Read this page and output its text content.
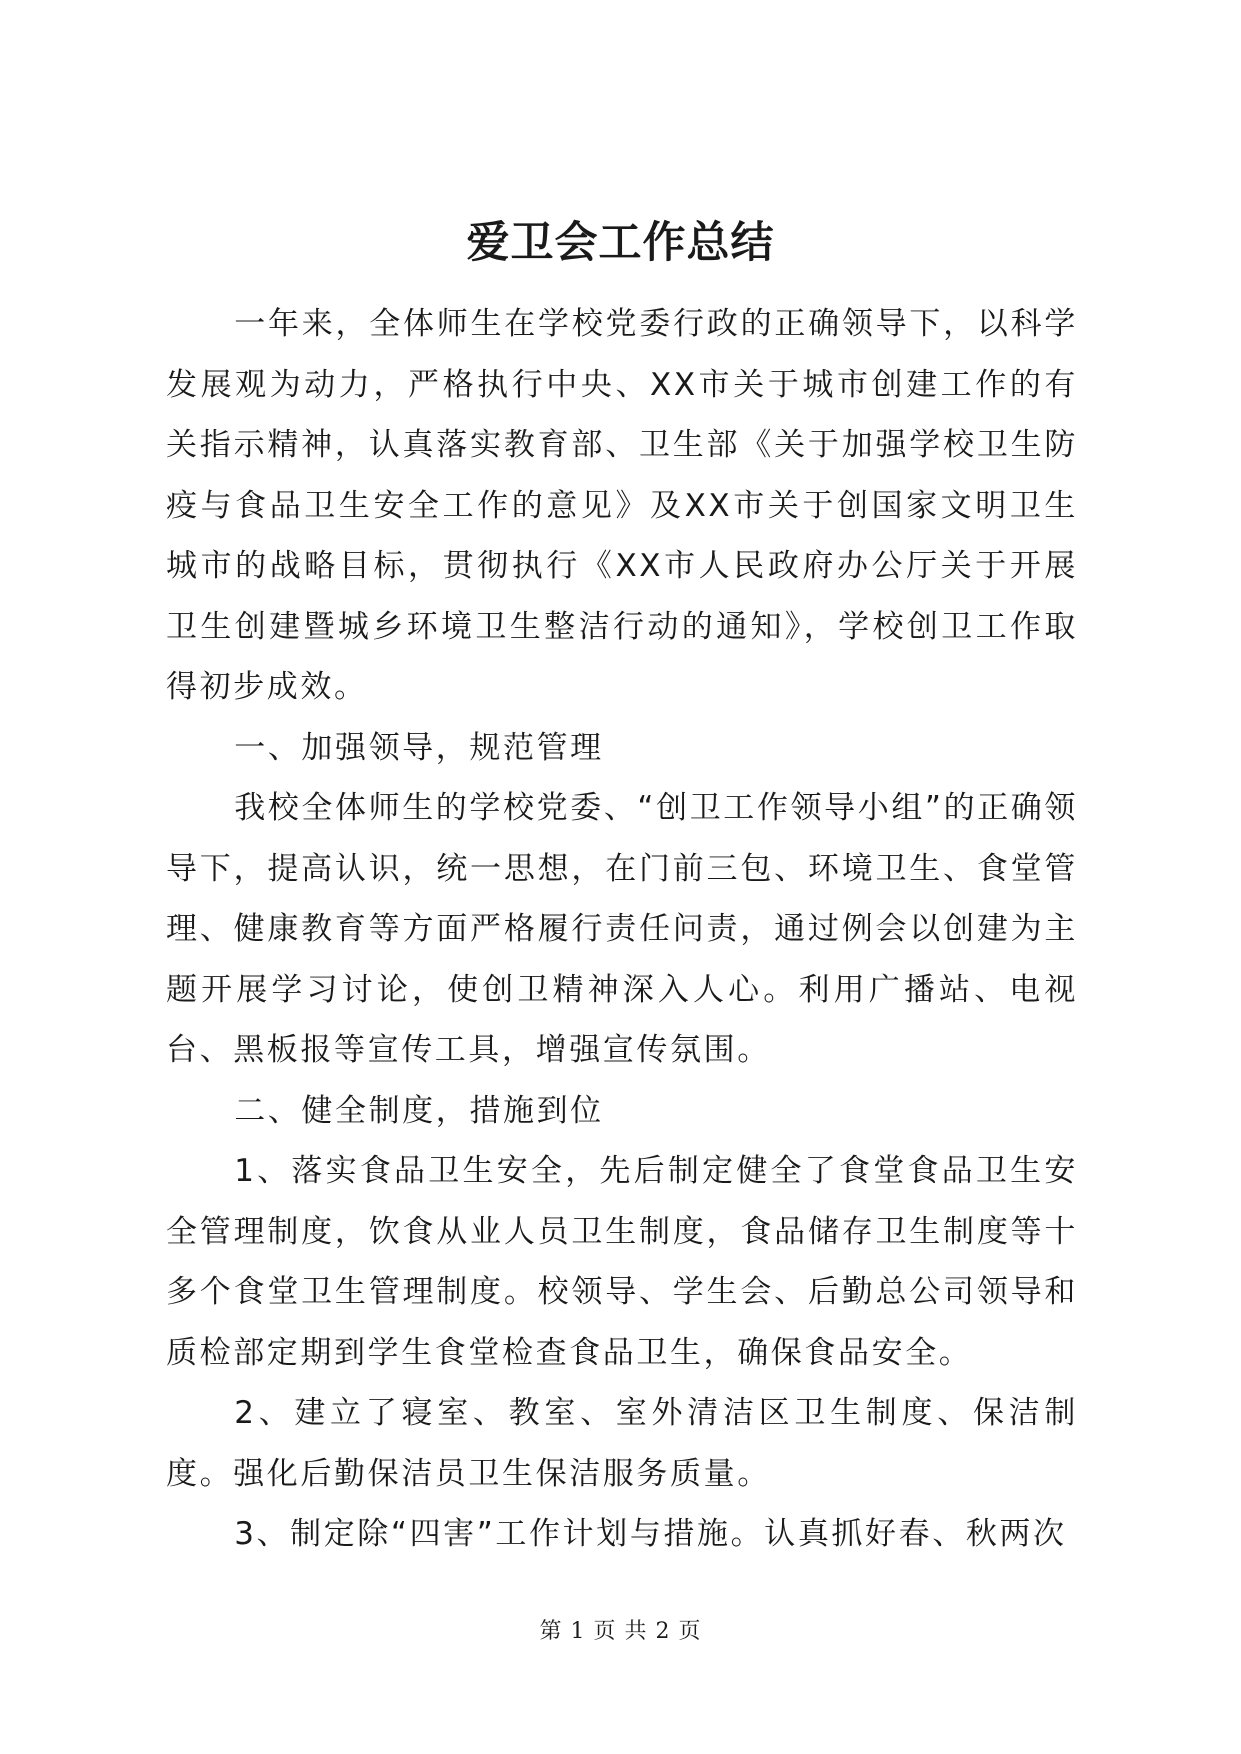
爱卫会工作总结

一年来，全体师生在学校党委行政的正确领导下，以科学发展观为动力，严格执行中央、XX市关于城市创建工作的有关指示精神，认真落实教育部、卫生部《关于加强学校卫生防疫与食品卫生安全工作的意见》及XX市关于创国家文明卫生城市的战略目标，贯彻执行《XX市人民政府办公厅关于开展卫生创建暨城乡环境卫生整洁行动的通知》，学校创卫工作取得初步成效。

一、加强领导，规范管理

我校全体师生的学校党委、“创卫工作领导小组”的正确领导下，提高认识，统一思想，在门前三包、环境卫生、食堂管理、健康教育等方面严格履行责任问责，通过例会以创建为主题开展学习讨论，使创卫精神深入人心。利用广播站、电视台、黑板报等宣传工具，增强宣传氛围。

二、健全制度，措施到位

1、落实食品卫生安全，先后制定健全了食堂食品卫生安全管理制度，饮食从业人员卫生制度，食品储存卫生制度等十多个食堂卫生管理制度。校领导、学生会、后勤总公司领导和质检部定期到学生食堂检查食品卫生，确保食品安全。

2、建立了寝室、教室、室外清洁区卫生制度、保洁制度。强化后勤保洁员卫生保洁服务质量。

3、制定除“四害”工作计划与措施。认真抓好春、秋两次

第 1 页 共 2 页
